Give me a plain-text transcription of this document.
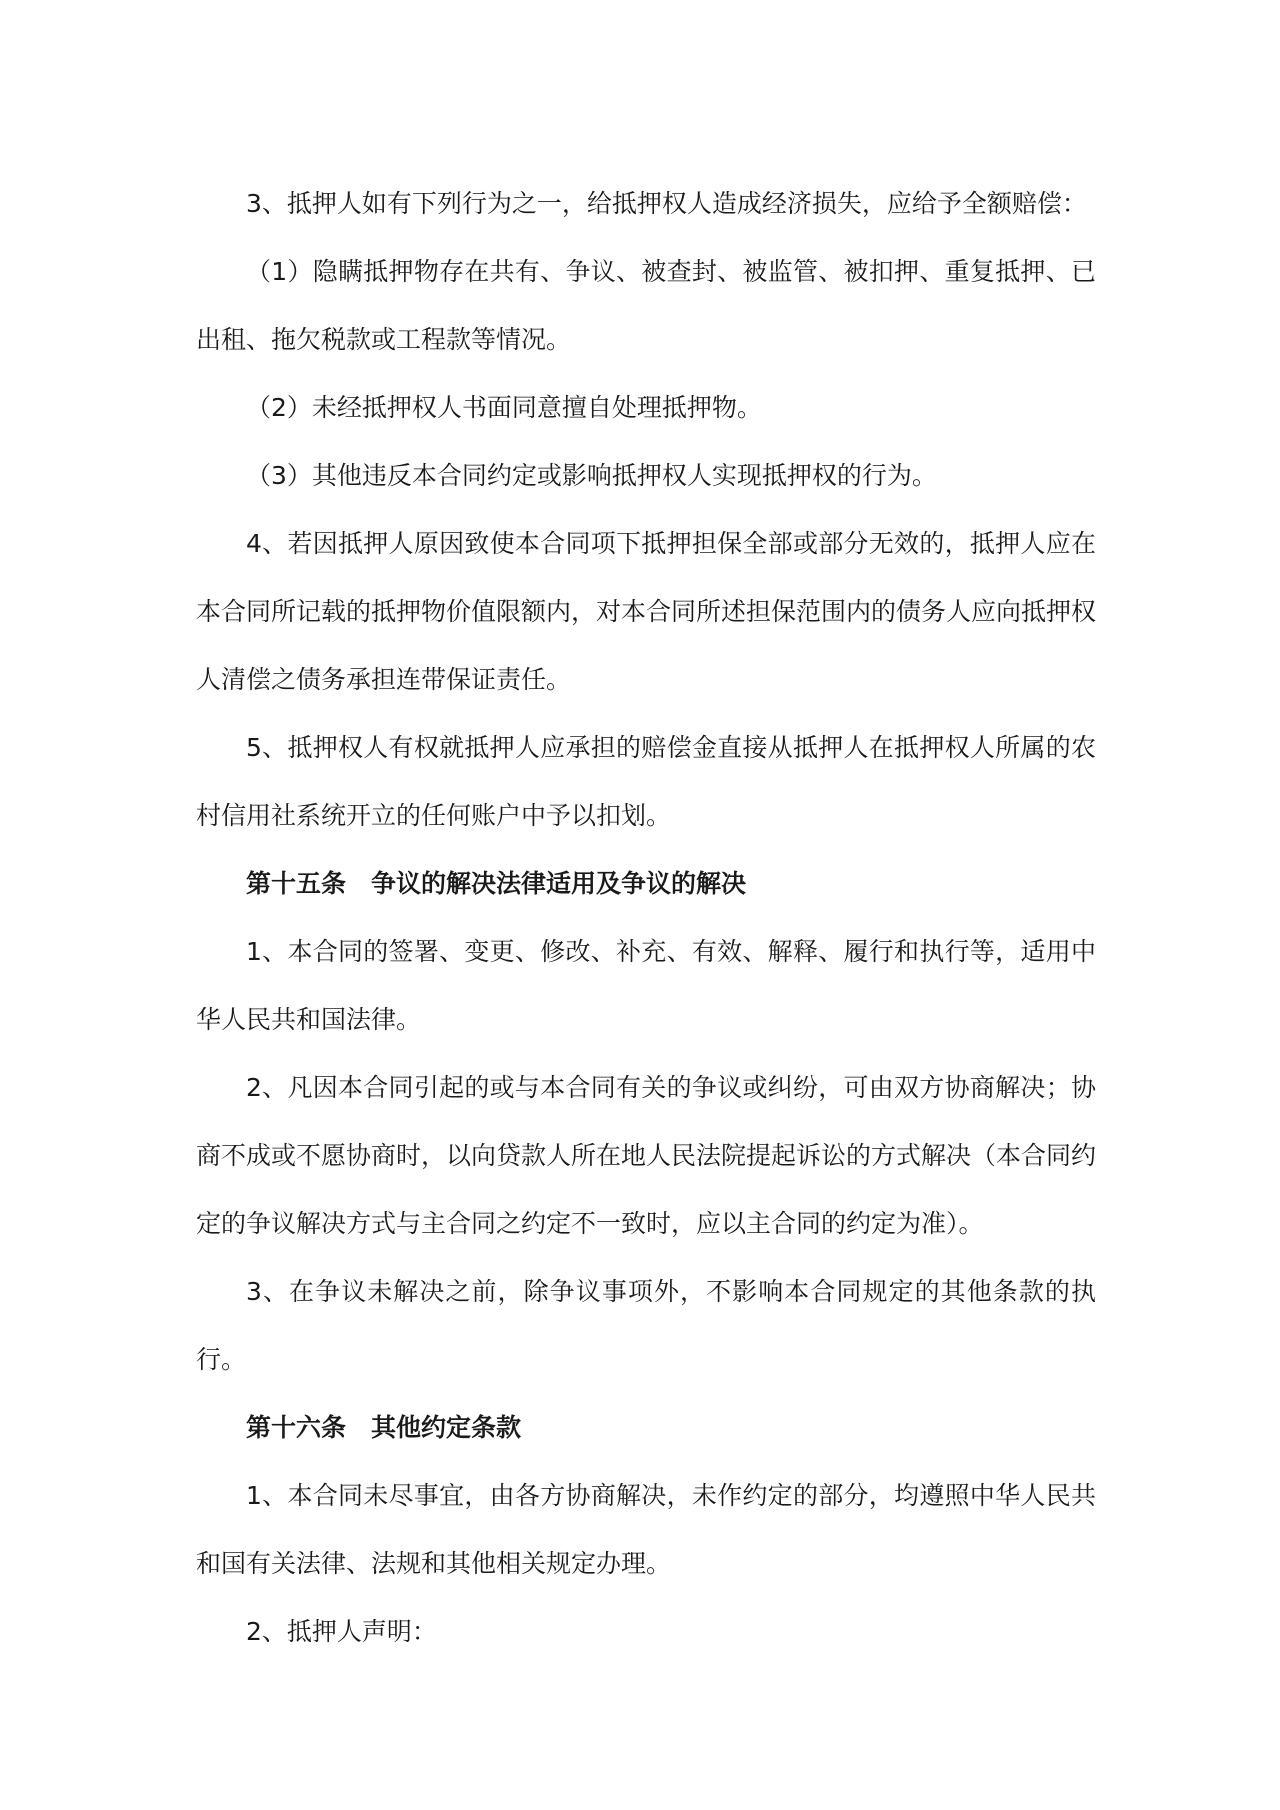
3、抵押人如有下列行为之一，给抵押权人造成经济损失，应给予全额赔偿：

（1）隐瞒抵押物存在共有、争议、被查封、被监管、被扣押、重复抵押、已出租、拖欠税款或工程款等情况。

（2）未经抵押权人书面同意擅自处理抵押物。

（3）其他违反本合同约定或影响抵押权人实现抵押权的行为。

4、若因抵押人原因致使本合同项下抵押担保全部或部分无效的，抵押人应在本合同所记载的抵押物价值限额内，对本合同所述担保范围内的债务人应向抵押权人清偿之债务承担连带保证责任。

5、抵押权人有权就抵押人应承担的赔偿金直接从抵押人在抵押权人所属的农村信用社系统开立的任何账户中予以扣划。

第十五条　争议的解决法律适用及争议的解决

1、本合同的签署、变更、修改、补充、有效、解释、履行和执行等，适用中华人民共和国法律。

2、凡因本合同引起的或与本合同有关的争议或纠纷，可由双方协商解决；协商不成或不愿协商时，以向贷款人所在地人民法院提起诉讼的方式解决（本合同约定的争议解决方式与主合同之约定不一致时，应以主合同的约定为准）。

3、在争议未解决之前，除争议事项外，不影响本合同规定的其他条款的执行。

第十六条　其他约定条款

1、本合同未尽事宜，由各方协商解决，未作约定的部分，均遵照中华人民共和国有关法律、法规和其他相关规定办理。

2、抵押人声明：
